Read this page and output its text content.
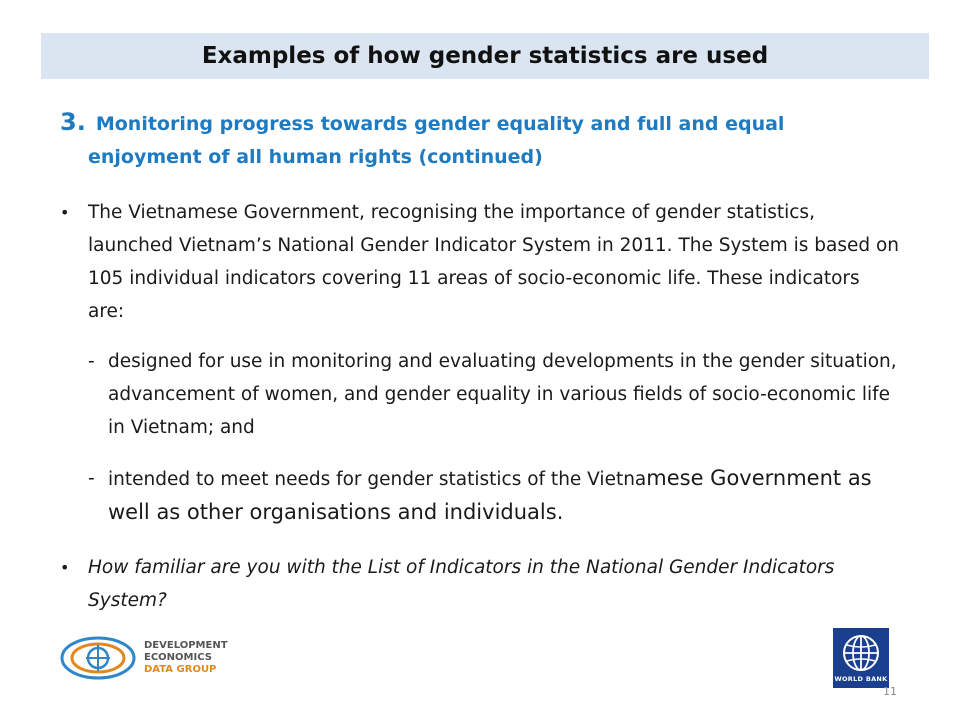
Examples of how gender statistics are used
3. Monitoring progress towards gender equality and full and equal
enjoyment of all human rights (continued)
•	The Vietnamese Government, recognising the importance of gender statistics, launched Vietnam’s National Gender Indicator System in 2011. The System is based on 105 individual indicators covering 11 areas of socio-economic life. These indicators are:
- designed for use in monitoring and evaluating developments in the gender situation, advancement of women, and gender equality in various fields of socio-economic life in Vietnam; and
- intended to meet needs for gender statistics of the Vietnamese Government as well as other organisations and individuals.
•	How familiar are you with the List of Indicators in the National Gender Indicators System?
DEVELOPMENT ECONOMICS
DATA GROUP
WORLD BANK
11
